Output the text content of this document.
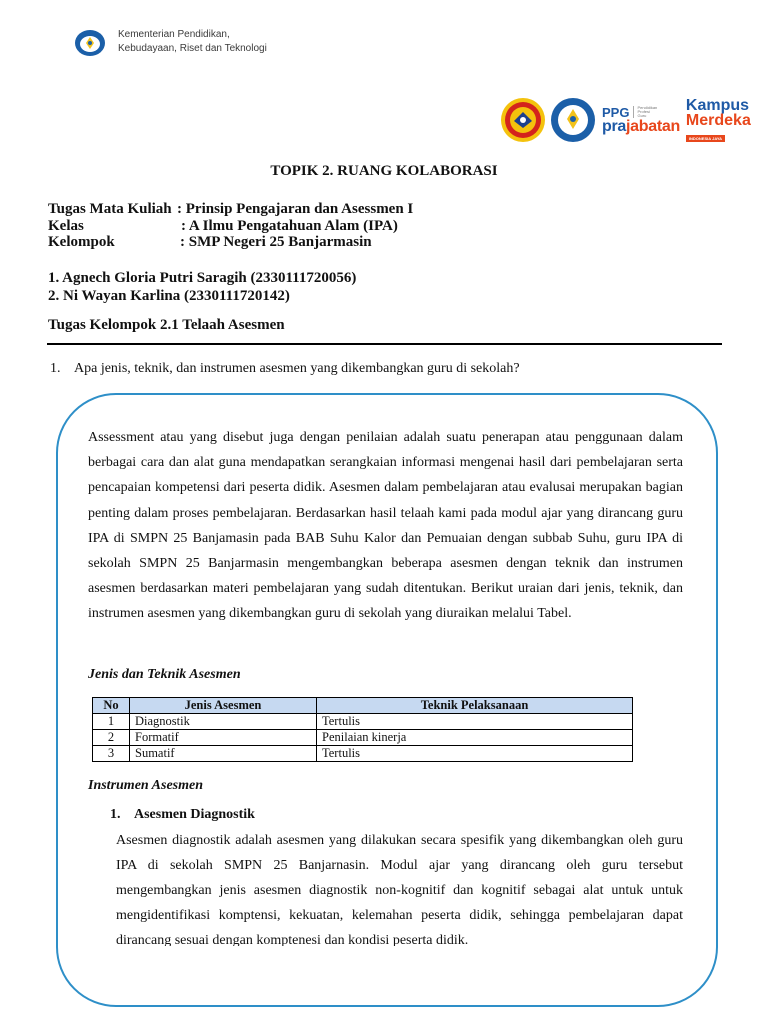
Kementerian Pendidikan,
Kebudayaan, Riset dan Teknologi
PPG	Pendidikan Profesi Guru
prajabatan
Kampus
Merdeka
INDONESIA JAYA
TOPIK 2. RUANG KOLABORASI
Tugas Mata Kuliah : Prinsip Pengajaran dan Asessmen I
Kelas	: A Ilmu Pengatahuan Alam (IPA)
Kelompok	: SMP Negeri 25 Banjarmasin
1. Agnech Gloria Putri Saragih (2330111720056)
2. Ni Wayan Karlina (2330111720142)
Tugas Kelompok 2.1 Telaah Asesmen
1. Apa jenis, teknik, dan instrumen asesmen yang dikembangkan guru di sekolah?
Assessment atau yang disebut juga dengan penilaian adalah suatu penerapan atau penggunaan dalam berbagai cara dan alat guna mendapatkan serangkaian informasi mengenai hasil dari pembelajaran serta pencapaian kompetensi dari peserta didik. Asesmen dalam pembelajaran atau evalusai merupakan bagian penting dalam proses pembelajaran. Berdasarkan hasil telaah kami pada modul ajar yang dirancang guru IPA di SMPN 25 Banjamasin pada BAB Suhu Kalor dan Pemuaian dengan subbab Suhu, guru IPA di sekolah SMPN 25 Banjarmasin mengembangkan beberapa asesmen dengan teknik dan instrumen asesmen berdasarkan materi pembelajaran yang sudah ditentukan. Berikut uraian dari jenis, teknik, dan instrumen asesmen yang dikembangkan guru di sekolah yang diuraikan melalui Tabel.
Jenis dan Teknik Asesmen
No	Jenis Asesmen	Teknik Pelaksanaan
1	Diagnostik	Tertulis
2	Formatif	Penilaian kinerja
3	Sumatif	Tertulis
Instrumen Asesmen
1. Asesmen Diagnostik
Asesmen diagnostik adalah asesmen yang dilakukan secara spesifik yang dikembangkan oleh guru IPA di sekolah SMPN 25 Banjarnasin. Modul ajar yang dirancang oleh guru tersebut mengembangkan jenis asesmen diagnostik non-kognitif dan kognitif sebagai alat untuk untuk mengidentifikasi komptensi, kekuatan, kelemahan peserta didik, sehingga pembelajaran dapat dirancang sesuai dengan komptenesi dan kondisi peserta didik.
